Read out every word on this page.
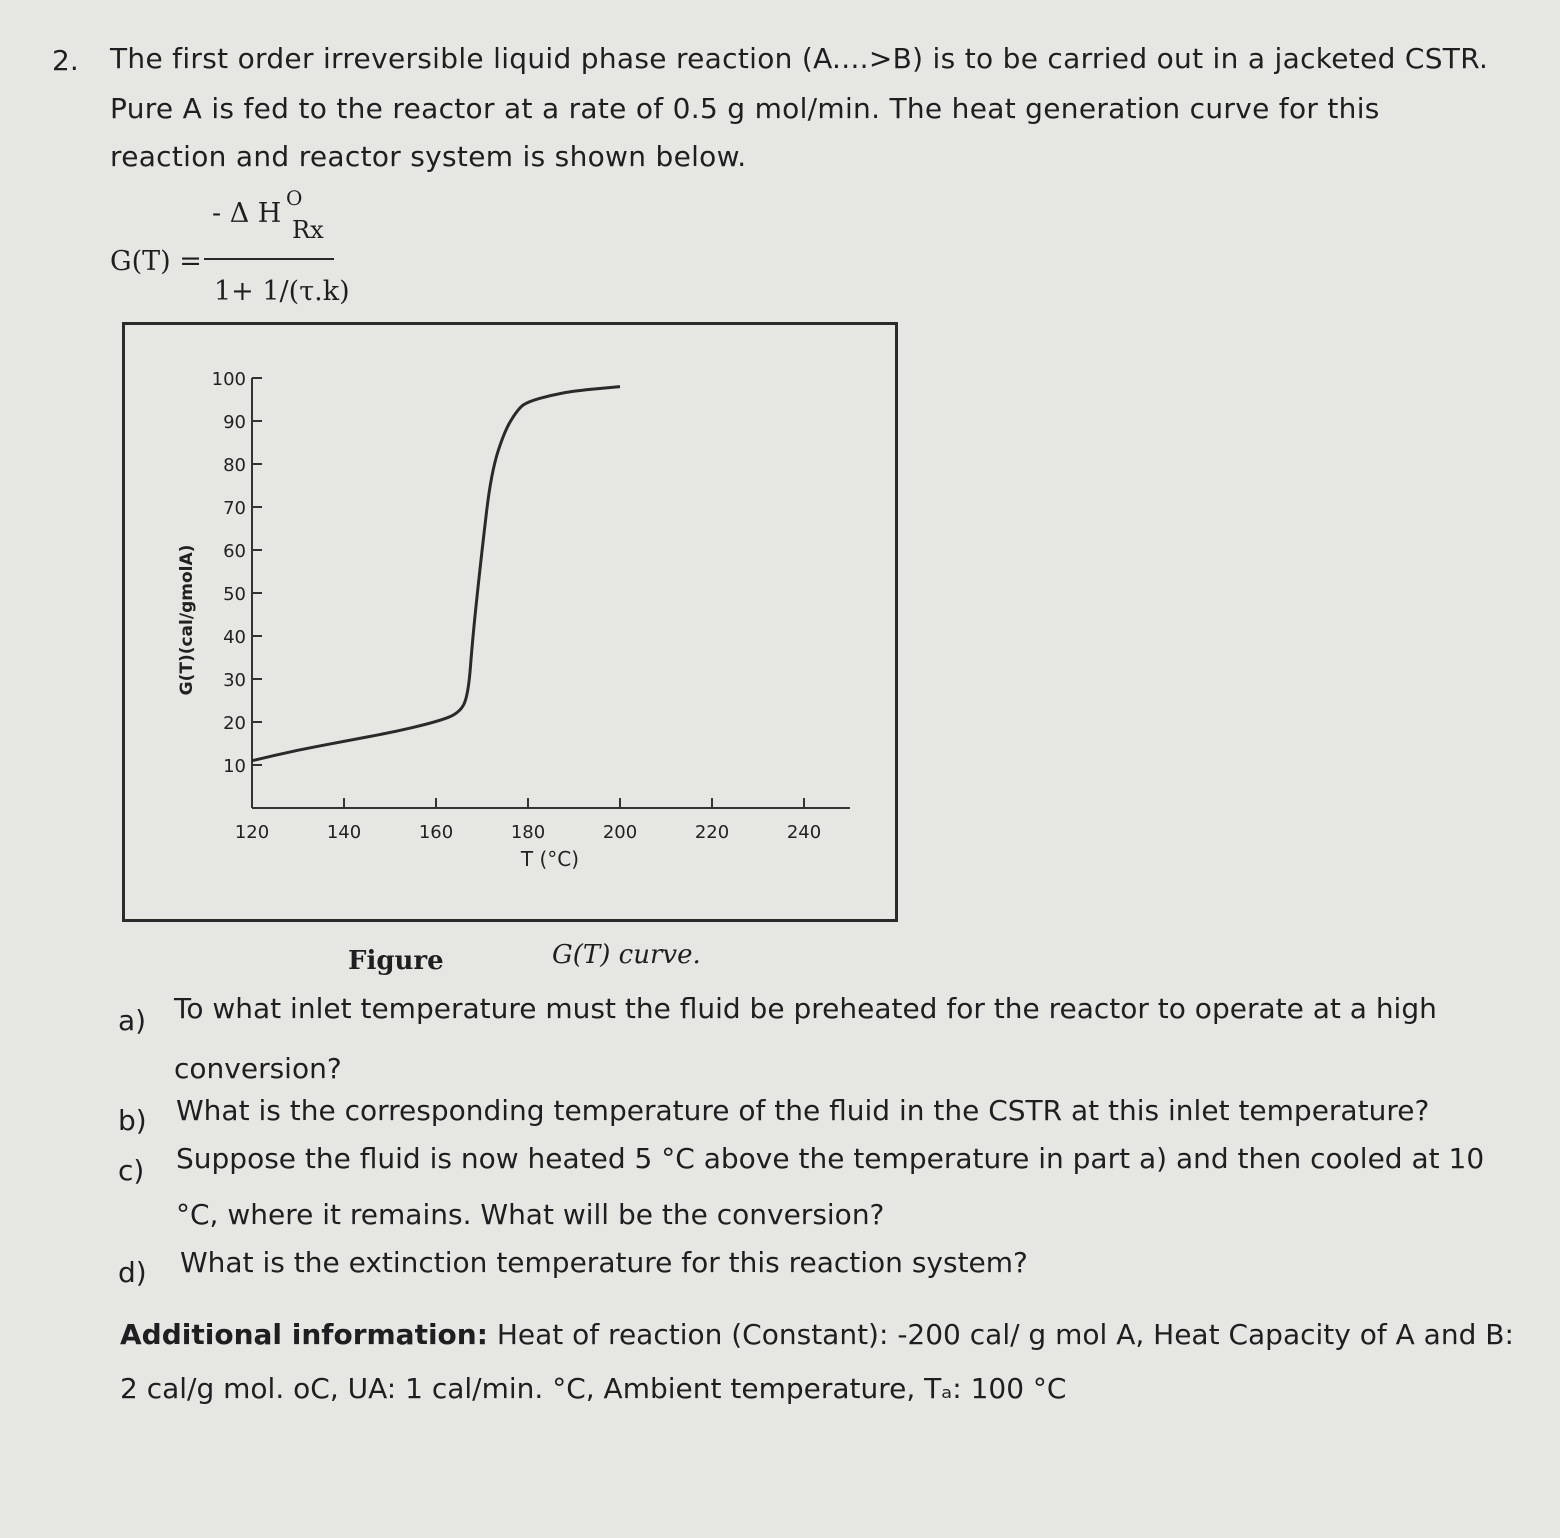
2. The first order irreversible liquid phase reaction (A....>B) is to be carried out in a jacketed CSTR.
Pure A is fed to the reactor at a rate of 0.5 g mol/min. The heat generation curve for this
reaction and reactor system is shown below.
G(T) =
- Δ H O
Rx
1+ 1/(τ.k)
10
20
30
40
50
60
70
80
90
100
120	140	160	180	200	220	240
T (°C)
G(T)(cal/gmolA)
Figure	G(T) curve.
a) To what inlet temperature must the fluid be preheated for the reactor to operate at a high
conversion?
b) What is the corresponding temperature of the fluid in the CSTR at this inlet temperature?
c) Suppose the fluid is now heated 5 °C above the temperature in part a) and then cooled at 10
°C, where it remains. What will be the conversion?
d) What is the extinction temperature for this reaction system?
Additional information: Heat of reaction (Constant): -200 cal/ g mol A, Heat Capacity of A and B:
2 cal/g mol. oC, UA: 1 cal/min. °C, Ambient temperature, Tₐ: 100 °C
